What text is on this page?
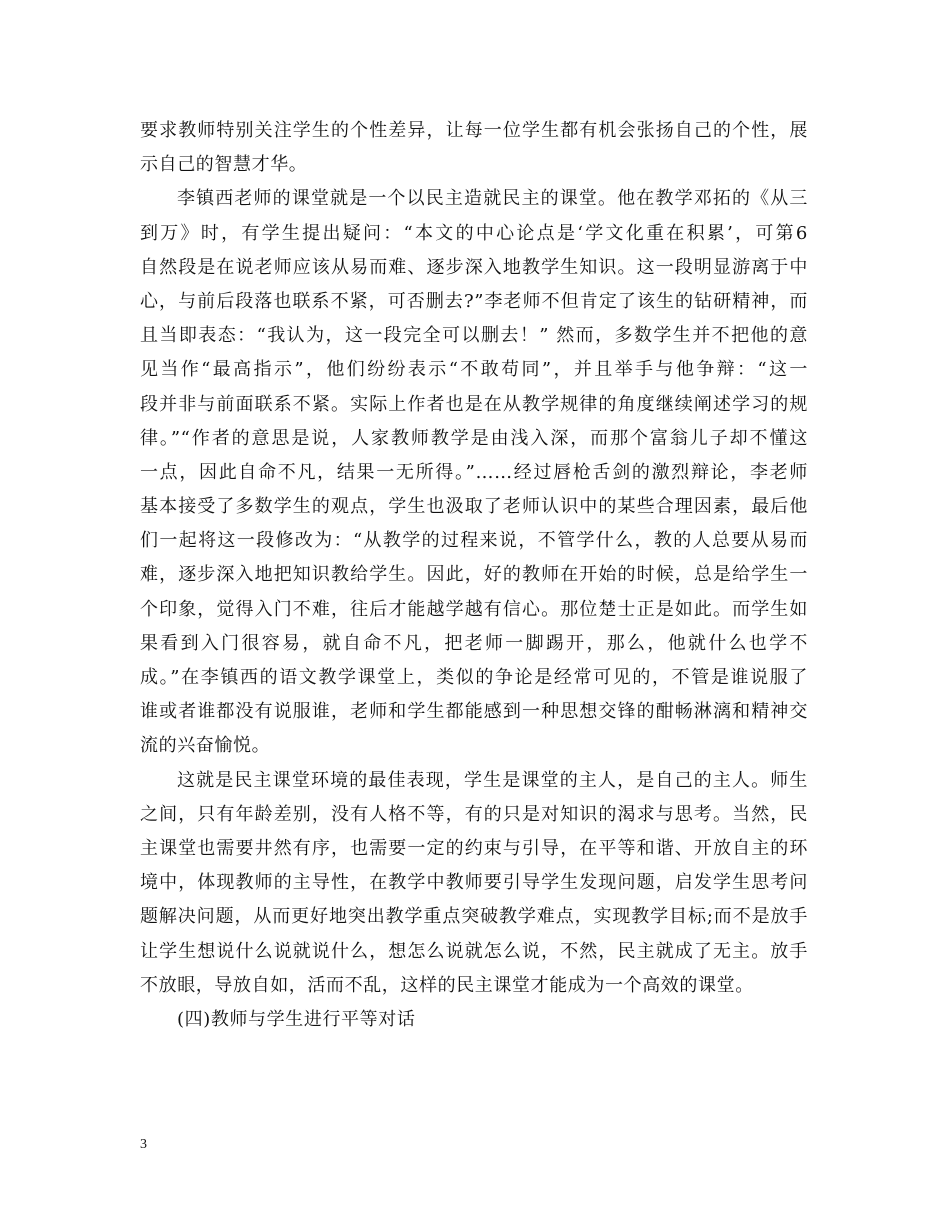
要求教师特别关注学生的个性差异，让每一位学生都有机会张扬自己的个性，展
示自己的智慧才华。
李镇西老师的课堂就是一个以民主造就民主的课堂。他在教学邓拓的《从三
到万》时，有学生提出疑问：“本文的中心论点是‘学文化重在积累’，可第6
自然段是在说老师应该从易而难、逐步深入地教学生知识。这一段明显游离于中
心，与前后段落也联系不紧，可否删去?”李老师不但肯定了该生的钻研精神，而
且当即表态：“我认为，这一段完全可以删去！” 然而，多数学生并不把他的意
见当作“最高指示”，他们纷纷表示“不敢苟同”，并且举手与他争辩：“这一
段并非与前面联系不紧。实际上作者也是在从教学规律的角度继续阐述学习的规
律。”“作者的意思是说，人家教师教学是由浅入深，而那个富翁儿子却不懂这
一点，因此自命不凡，结果一无所得。”……经过唇枪舌剑的激烈辩论，李老师
基本接受了多数学生的观点，学生也汲取了老师认识中的某些合理因素，最后他
们一起将这一段修改为：“从教学的过程来说，不管学什么，教的人总要从易而
难，逐步深入地把知识教给学生。因此，好的教师在开始的时候，总是给学生一
个印象，觉得入门不难，往后才能越学越有信心。那位楚士正是如此。而学生如
果看到入门很容易，就自命不凡，把老师一脚踢开，那么，他就什么也学不
成。”在李镇西的语文教学课堂上，类似的争论是经常可见的，不管是谁说服了
谁或者谁都没有说服谁，老师和学生都能感到一种思想交锋的酣畅淋漓和精神交
流的兴奋愉悦。
这就是民主课堂环境的最佳表现，学生是课堂的主人，是自己的主人。师生
之间，只有年龄差别，没有人格不等，有的只是对知识的渴求与思考。当然，民
主课堂也需要井然有序，也需要一定的约束与引导，在平等和谐、开放自主的环
境中，体现教师的主导性，在教学中教师要引导学生发现问题，启发学生思考问
题解决问题，从而更好地突出教学重点突破教学难点，实现教学目标;而不是放手
让学生想说什么说就说什么，想怎么说就怎么说，不然，民主就成了无主。放手
不放眼，导放自如，活而不乱，这样的民主课堂才能成为一个高效的课堂。
(四)教师与学生进行平等对话
3
